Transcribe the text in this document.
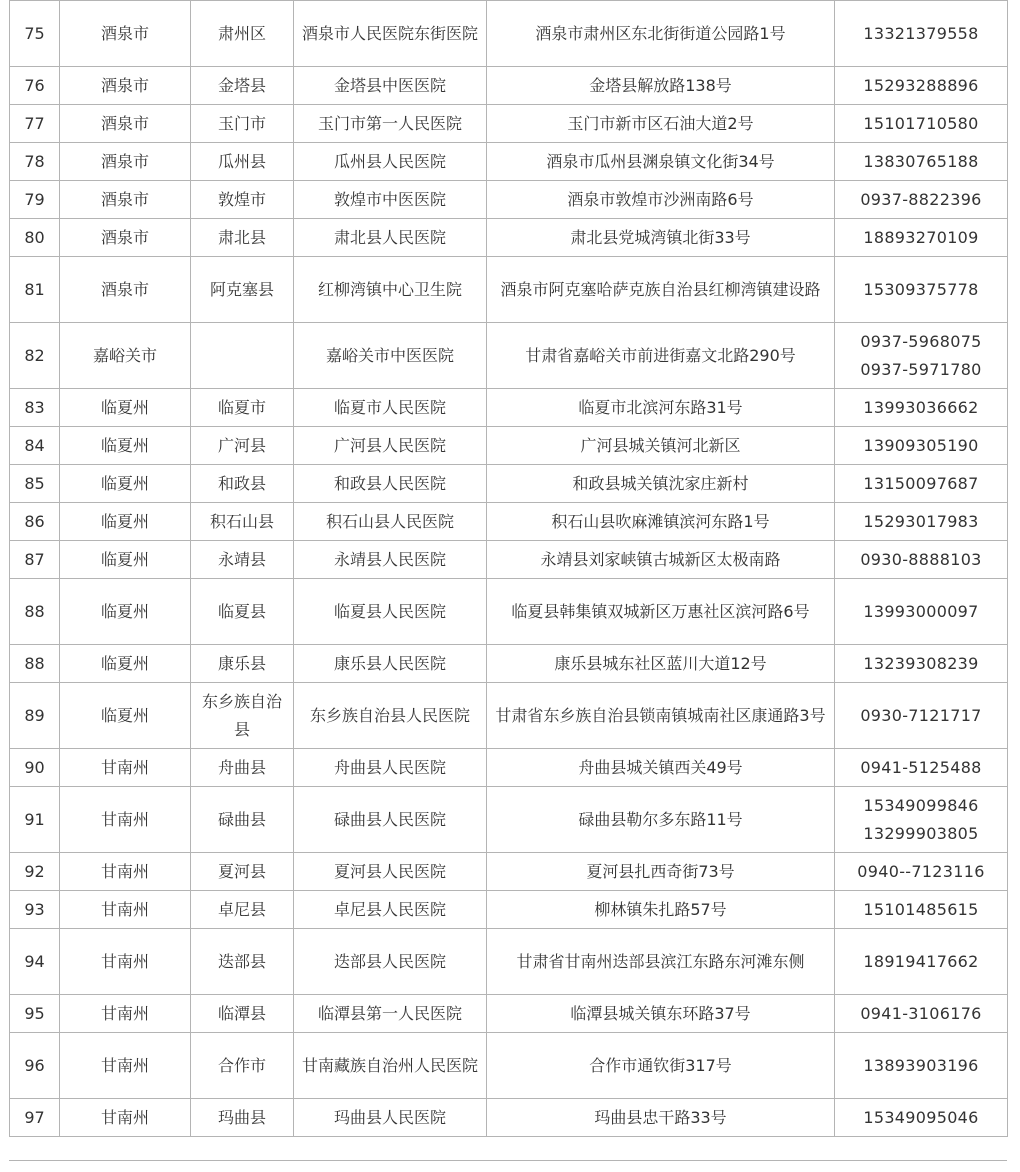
75	酒泉市	肃州区	酒泉市人民医院东街医院	酒泉市肃州区东北街街道公园路1号	13321379558

76	酒泉市	金塔县	金塔县中医医院	金塔县解放路138号	15293288896

77	酒泉市	玉门市	玉门市第一人民医院	玉门市新市区石油大道2号	15101710580

78	酒泉市	瓜州县	瓜州县人民医院	酒泉市瓜州县渊泉镇文化街34号	13830765188

79	酒泉市	敦煌市	敦煌市中医医院	酒泉市敦煌市沙洲南路6号	0937-8822396

80	酒泉市	肃北县	肃北县人民医院	肃北县党城湾镇北街33号	18893270109

81	酒泉市	阿克塞县	红柳湾镇中心卫生院	酒泉市阿克塞哈萨克族自治县红柳湾镇建设路	15309375778

82	嘉峪关市		嘉峪关市中医医院	甘肃省嘉峪关市前进街嘉文北路290号	0937-5968075
0937-5971780

83	临夏州	临夏市	临夏市人民医院	临夏市北滨河东路31号	13993036662

84	临夏州	广河县	广河县人民医院	广河县城关镇河北新区	13909305190

85	临夏州	和政县	和政县人民医院	和政县城关镇沈家庄新村	13150097687

86	临夏州	积石山县	积石山县人民医院	积石山县吹麻滩镇滨河东路1号	15293017983

87	临夏州	永靖县	永靖县人民医院	永靖县刘家峡镇古城新区太极南路	0930-8888103

88	临夏州	临夏县	临夏县人民医院	临夏县韩集镇双城新区万惠社区滨河路6号	13993000097

88	临夏州	康乐县	康乐县人民医院	康乐县城东社区蓝川大道12号	13239308239

89	临夏州	东乡族自治县	东乡族自治县人民医院	甘肃省东乡族自治县锁南镇城南社区康通路3号	0930-7121717

90	甘南州	舟曲县	舟曲县人民医院	舟曲县城关镇西关49号	0941-5125488

91	甘南州	碌曲县	碌曲县人民医院	碌曲县勒尔多东路11号	15349099846
13299903805

92	甘南州	夏河县	夏河县人民医院	夏河县扎西奇街73号	0940--7123116

93	甘南州	卓尼县	卓尼县人民医院	柳林镇朱扎路57号	15101485615

94	甘南州	迭部县	迭部县人民医院	甘肃省甘南州迭部县滨江东路东河滩东侧	18919417662

95	甘南州	临潭县	临潭县第一人民医院	临潭县城关镇东环路37号	0941-3106176

96	甘南州	合作市	甘南藏族自治州人民医院	合作市通钦街317号	13893903196

97	甘南州	玛曲县	玛曲县人民医院	玛曲县忠干路33号	15349095046
